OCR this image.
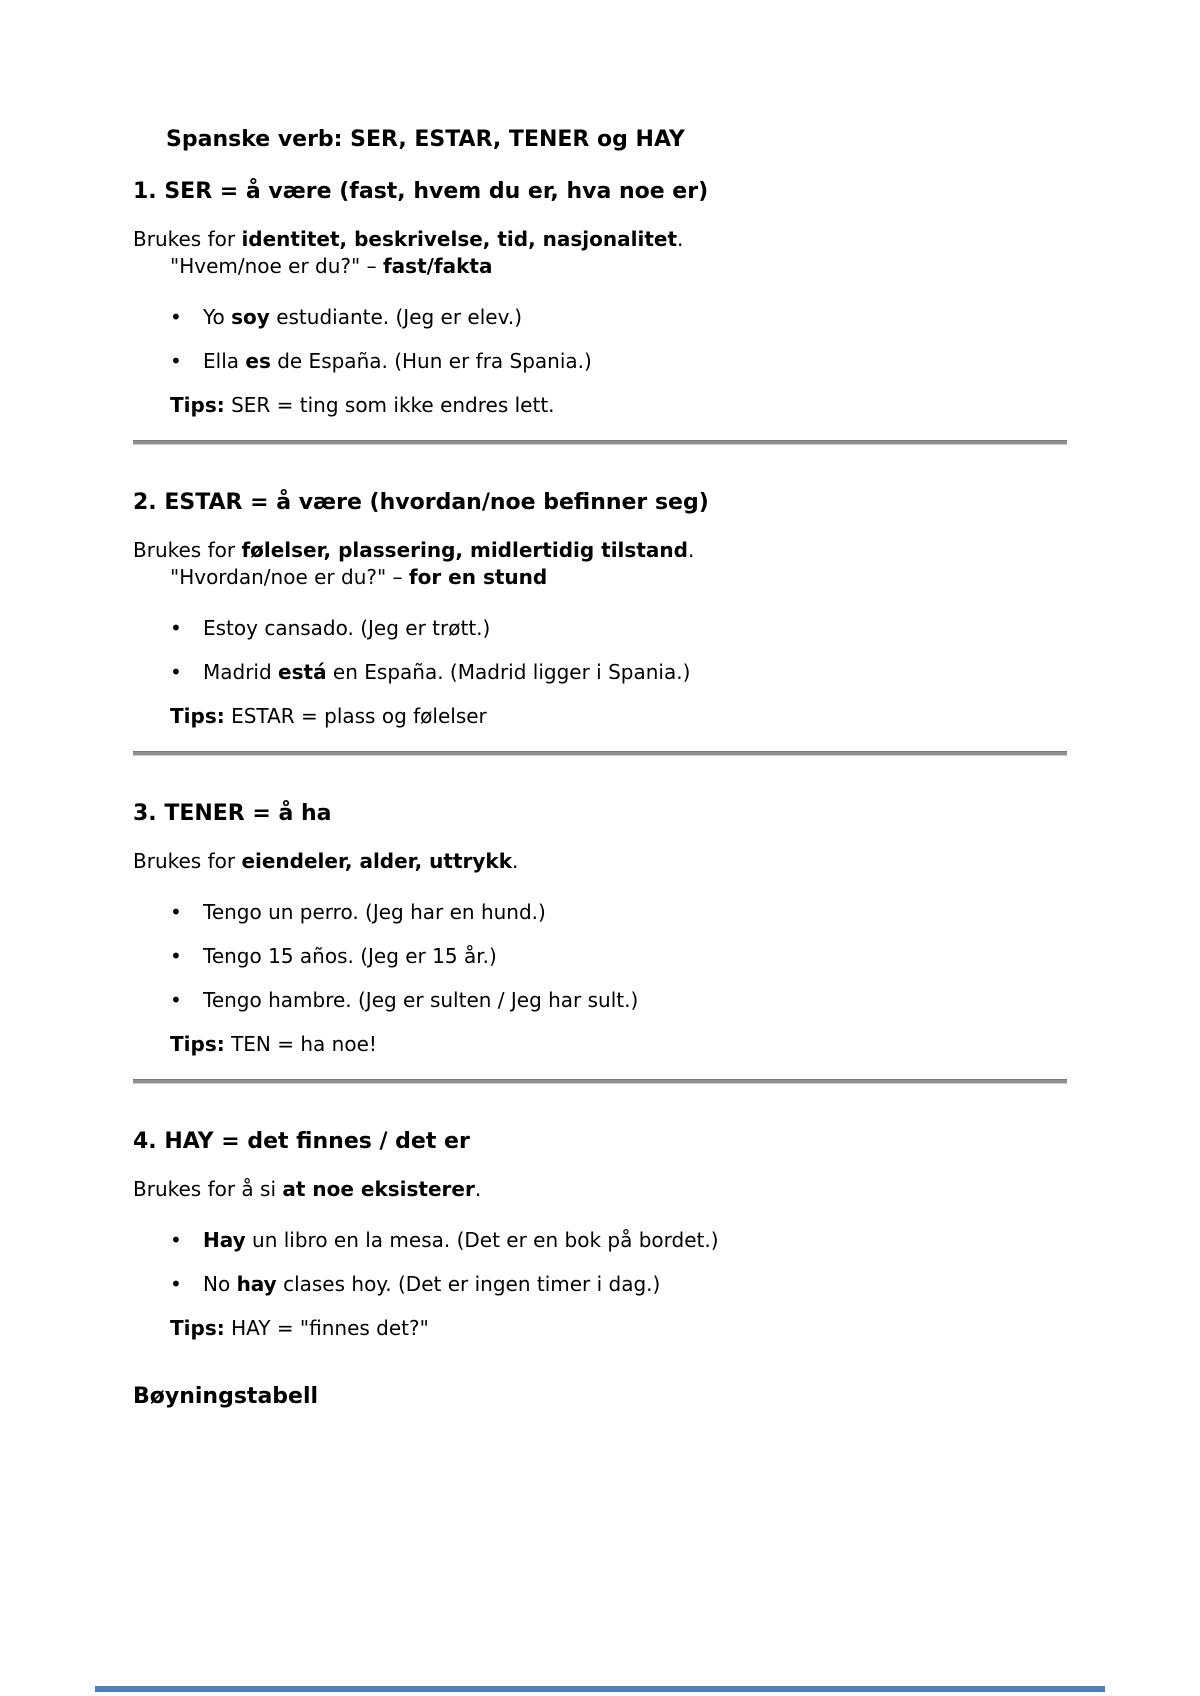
Spanske verb: SER, ESTAR, TENER og HAY
1. SER = å være (fast, hvem du er, hva noe er)

Brukes for identitet, beskrivelse, tid, nasjonalitet.

"Hvem/noe er du?" – fast/fakta

•	Yo soy estudiante. (Jeg er elev.)
•	Ella es de España. (Hun er fra Spania.)

Tips: SER = ting som ikke endres lett.

2. ESTAR = å være (hvordan/noe befinner seg)

Brukes for følelser, plassering, midlertidig tilstand.

"Hvordan/noe er du?" – for en stund

•	Estoy cansado. (Jeg er trøtt.)
•	Madrid está en España. (Madrid ligger i Spania.)

Tips: ESTAR = plass og følelser

3. TENER = å ha

Brukes for eiendeler, alder, uttrykk.

•	Tengo un perro. (Jeg har en hund.)
•	Tengo 15 años. (Jeg er 15 år.)
•	Tengo hambre. (Jeg er sulten / Jeg har sult.)

Tips: TEN = ha noe!

4. HAY = det finnes / det er

Brukes for å si at noe eksisterer.

•	Hay un libro en la mesa. (Det er en bok på bordet.)
•	No hay clases hoy. (Det er ingen timer i dag.)

Tips: HAY = "finnes det?"

Bøyningstabell
